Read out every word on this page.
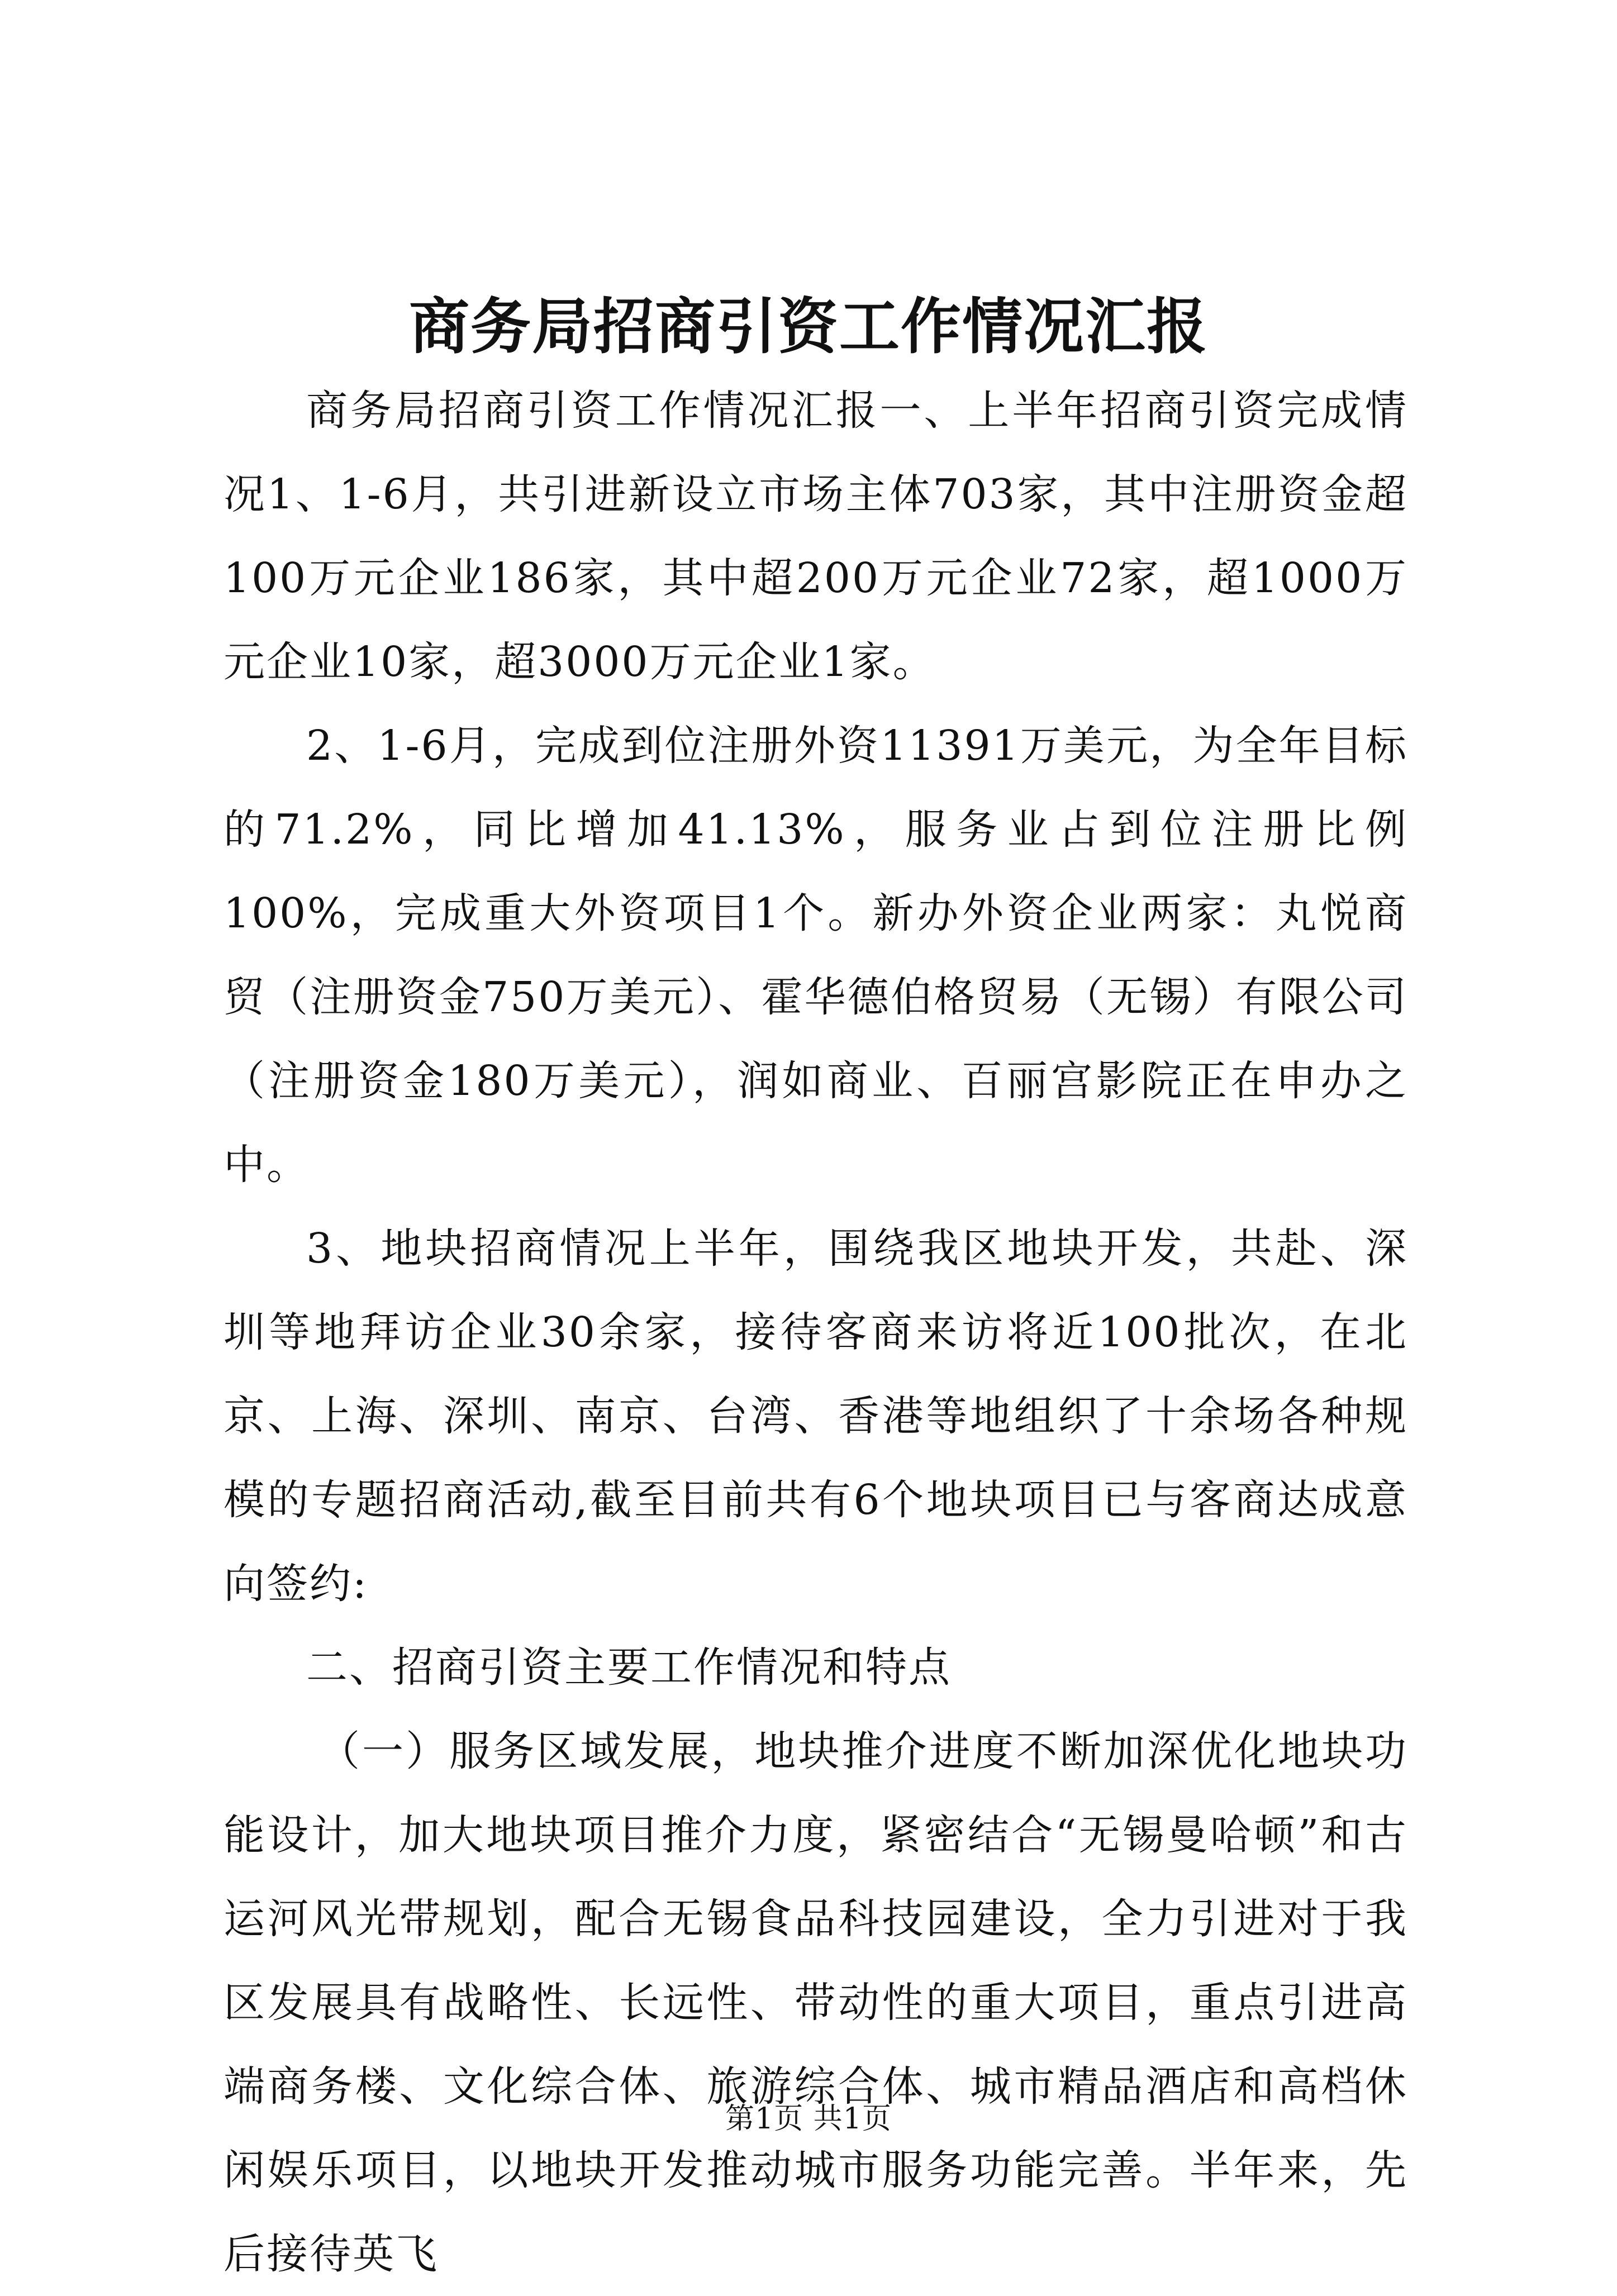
商务局招商引资工作情况汇报

商务局招商引资工作情况汇报一、上半年招商引资完成情况1、1-6月，共引进新设立市场主体703家，其中注册资金超100万元企业186家，其中超200万元企业72家，超1000万元企业10家，超3000万元企业1家。

2、1-6月，完成到位注册外资11391万美元，为全年目标的71.2%，同比增加41.13%，服务业占到位注册比例100%，完成重大外资项目1个。新办外资企业两家：丸悦商贸（注册资金750万美元）、霍华德伯格贸易（无锡）有限公司（注册资金180万美元），润如商业、百丽宫影院正在申办之中。

3、地块招商情况上半年，围绕我区地块开发，共赴、深圳等地拜访企业30余家，接待客商来访将近100批次，在北京、上海、深圳、南京、台湾、香港等地组织了十余场各种规模的专题招商活动,截至目前共有6个地块项目已与客商达成意向签约:

二、招商引资主要工作情况和特点

（一）服务区域发展，地块推介进度不断加深优化地块功能设计，加大地块项目推介力度，紧密结合“无锡曼哈顿”和古运河风光带规划，配合无锡食品科技园建设，全力引进对于我区发展具有战略性、长远性、带动性的重大项目，重点引进高端商务楼、文化综合体、旅游综合体、城市精品酒店和高档休闲娱乐项目，以地块开发推动城市服务功能完善。半年来，先后接待英飞

第1页 共1页
